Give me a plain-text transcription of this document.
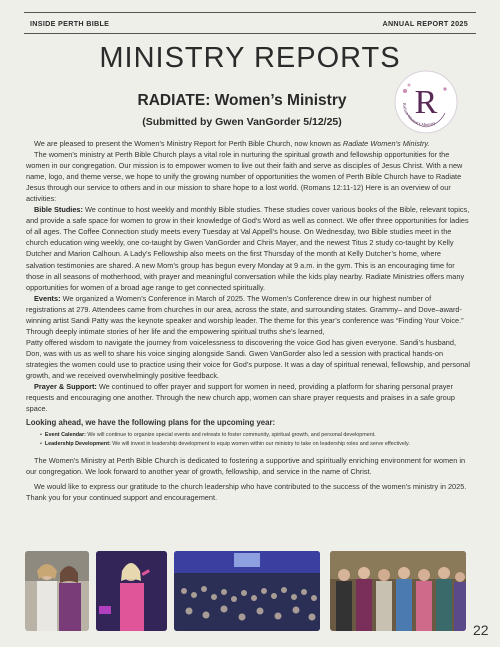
INSIDE PERTH BIBLE	ANNUAL REPORT 2025
MINISTRY REPORTS
R
Radiate Women's Ministry
RADIATE: Women’s Ministry
(Submitted by Gwen VanGorder 5/12/25)

We are pleased to present the Women's Ministry Report for Perth Bible Church, now known as Radiate Women’s Ministry.

The women's ministry at Perth Bible Church plays a vital role in nurturing the spiritual growth and fellowship opportunities for the women in our congregation. Our mission is to empower women to live out their faith and serve as disciples of Jesus Christ. With a new name, logo, and theme verse, we hope to unify the growing number of opportunities the women of Perth Bible Church have to Radiate Jesus through our service to others and in our mission to share hope to a lost world. (Romans 12:11-12) Here is an overview of our activities:

Bible Studies: We continue to host weekly and monthly Bible studies. These studies cover various books of the Bible, relevant topics, and provide a safe space for women to grow in their knowledge of God's Word as well as connect. We offer three opportunities for ladies of all ages. The Coffee Connection study meets every Tuesday at Val Appell’s house. On Wednesday, two Bible studies meet in the church education wing weekly, one co-taught by Gwen VanGorder and Chris Mayer, and the newest Titus 2 study co-taught by Kelly Dutcher and Marion Calhoun. A Lady’s Fellowship also meets on the first Thursday of the month at Kelly Dutcher’s home, where salvation testimonies are shared. A new Mom’s group has begun every Monday at 9 a.m. in the gym. This is an encouraging time for those in all seasons of motherhood, with prayer and meaningful conversation while the kids play nearby. Radiate Ministries offers many opportunities for women of a broad age range to get connected spiritually.

Events: We organized a Women’s Conference in March of 2025. The Women’s Conference drew in our highest number of registrations at 279. Attendees came from churches in our area, across the state, and surrounding states. Grammy– and Dove–award-winning artist Sandi Patty was the keynote speaker and worship leader. The theme for this year’s conference was “Finding Your Voice.” Through deeply intimate stories of her life and the empowering spiritual truths she’s learned,

Patty offered wisdom to navigate the journey from voicelessness to discovering the voice God has given everyone. Sandi’s husband, Don, was with us as well to share his voice singing alongside Sandi. Gwen VanGorder also led a session with practical hands-on strategies the women could use to practice using their voice for God’s purpose. It was a day of spiritual renewal, fellowship, and personal growth, and we received overwhelmingly positive feedback.

Prayer & Support: We continued to offer prayer and support for women in need, providing a platform for sharing personal prayer requests and encouraging one another. Through the new church app, women can share prayer requests and praises in a safe group space.

Looking ahead, we have the following plans for the upcoming year:

• Event Calendar: We will continue to organize special events and retreats to foster community, spiritual growth, and personal development.
• Leadership Development: We will invest in leadership development to equip women within our ministry to take on leadership roles and serve effectively.

The Women's Ministry at Perth Bible Church is dedicated to fostering a supportive and spiritually enriching environment for women in our congregation. We look forward to another year of growth, fellowship, and service in the name of Christ.

We would like to express our gratitude to the church leadership who have contributed to the success of the women's ministry in 2025. Thank you for your continued support and encouragement.

22
